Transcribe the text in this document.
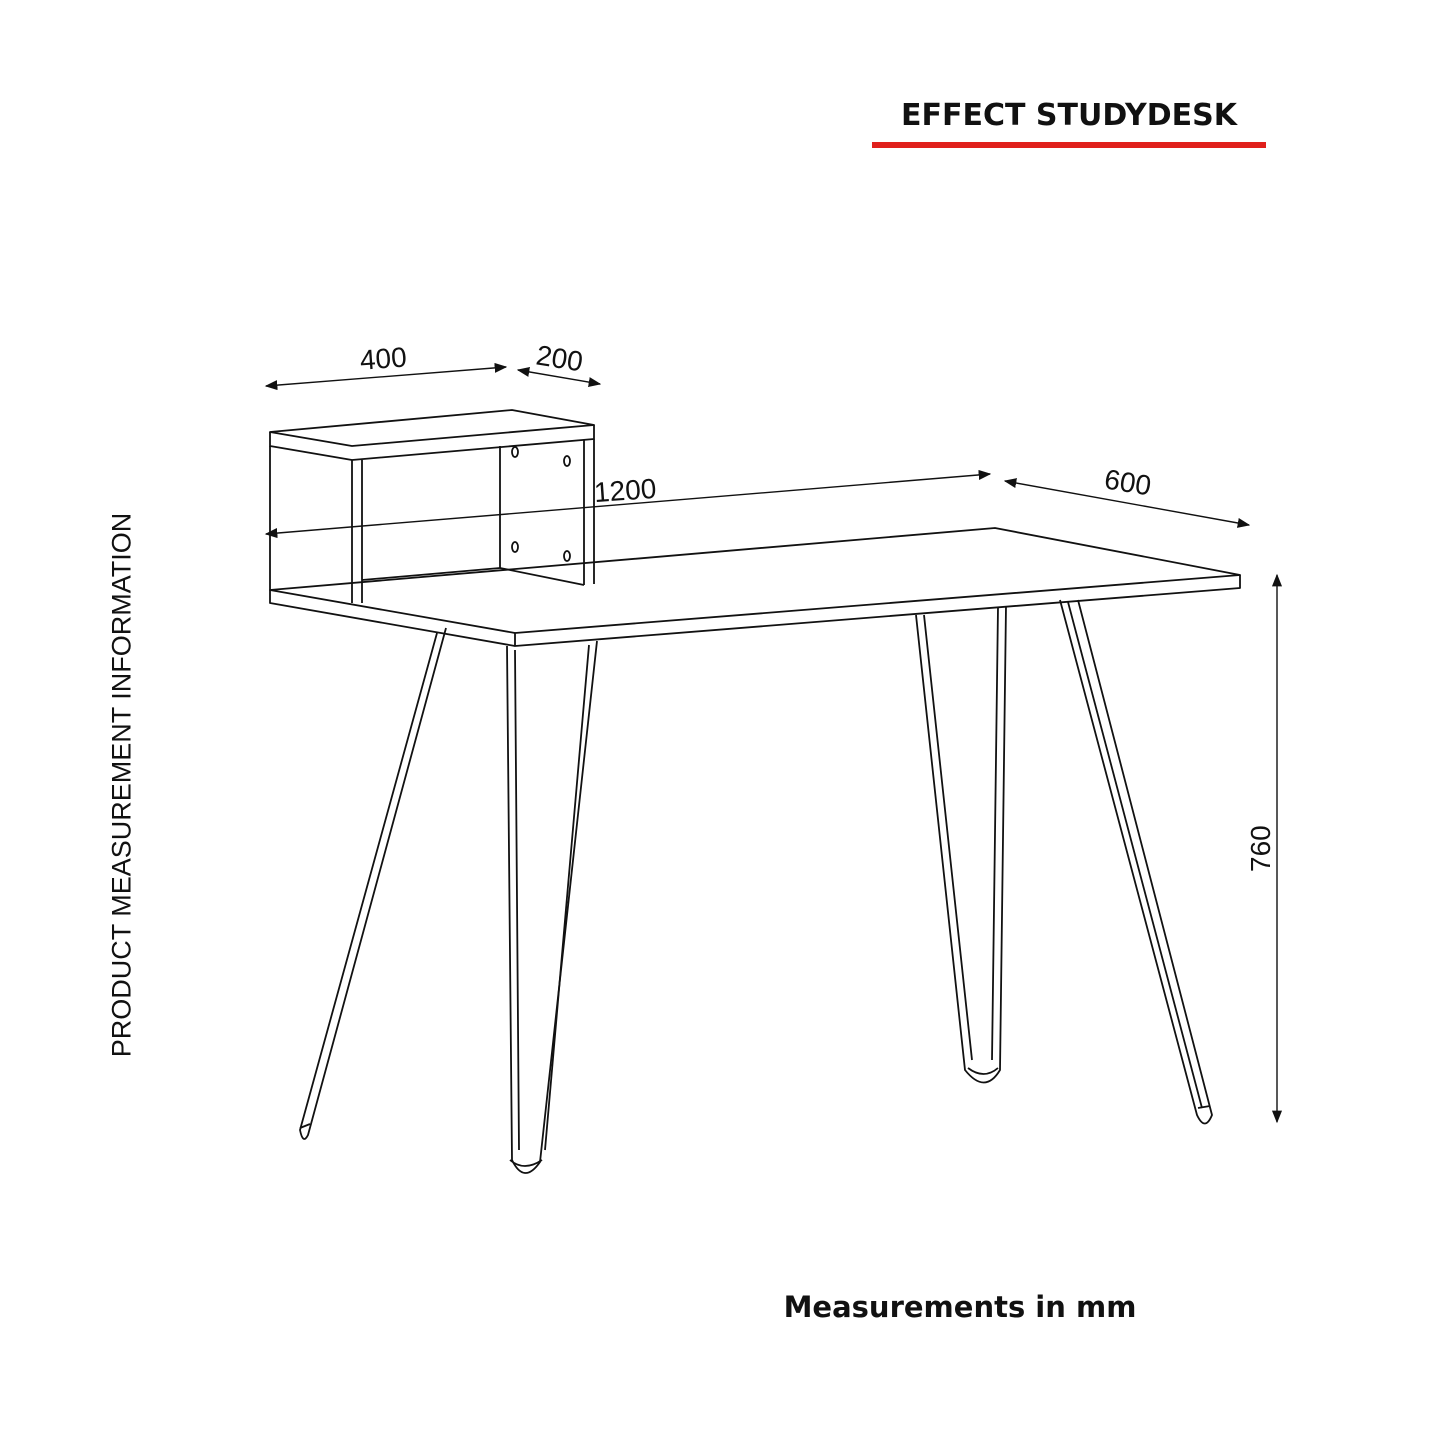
EFFECT STUDYDESK
PRODUCT MEASUREMENT INFORMATION
400	200
1200	600
760
Measurements in mm
